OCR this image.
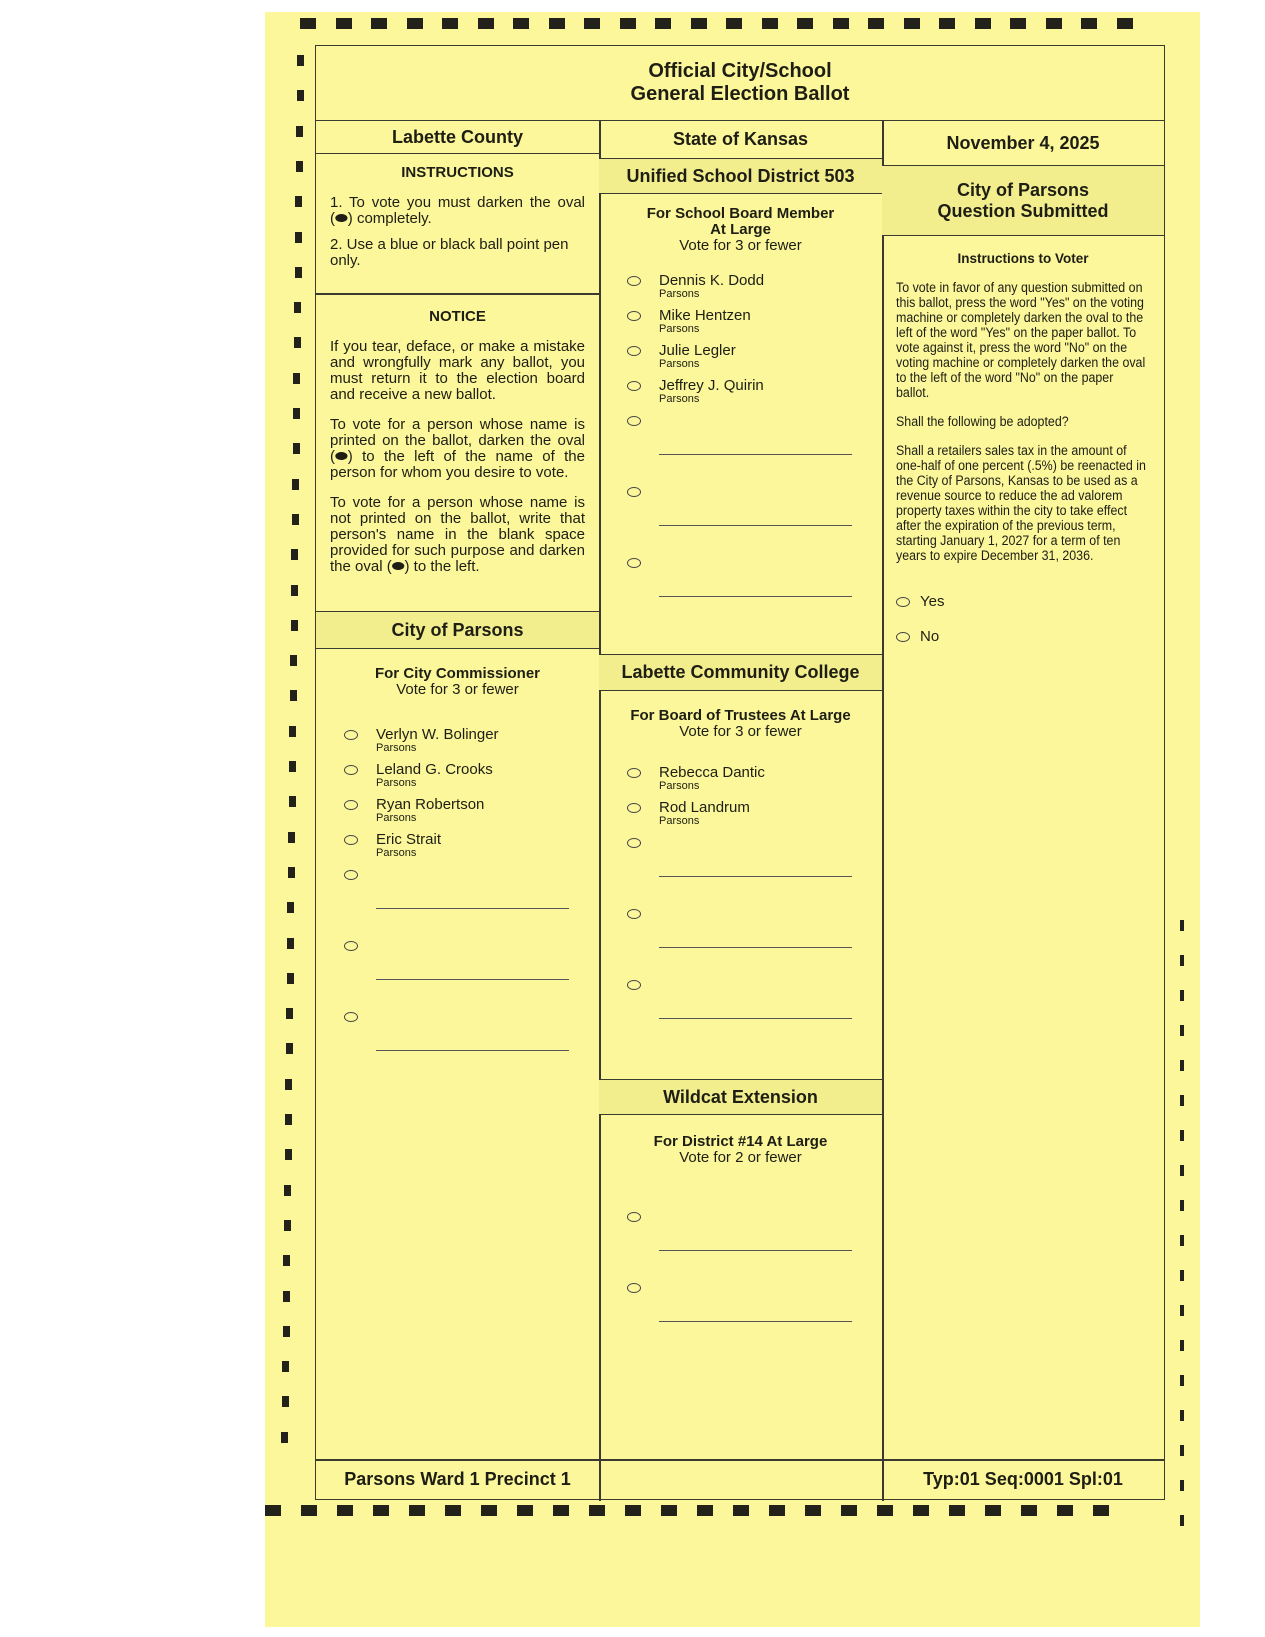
Official City/School
General Election Ballot
Labette County
INSTRUCTIONS

1. To vote you must darken the oval (⬬) completely.

2. Use a blue or black ball point pen only.

NOTICE

If you tear, deface, or make a mistake and wrongfully mark any ballot, you must return it to the election board and receive a new ballot.

To vote for a person whose name is printed on the ballot, darken the oval (⬬) to the left of the name of the person for whom you desire to vote.

To vote for a person whose name is not printed on the ballot, write that person's name in the blank space provided for such purpose and darken the oval (⬬) to the left.

City of Parsons
For City Commissioner
Vote for 3 or fewer
Verlyn W. Bolinger
Parsons
Leland G. Crooks
Parsons
Ryan Robertson
Parsons
Eric Strait
Parsons
Parsons Ward 1 Precinct 1
State of Kansas
Unified School District 503
For School Board Member
At Large
Vote for 3 or fewer
Dennis K. Dodd
Parsons
Mike Hentzen
Parsons
Julie Legler
Parsons
Jeffrey J. Quirin
Parsons
Labette Community College
For Board of Trustees At Large
Vote for 3 or fewer
Rebecca Dantic
Parsons
Rod Landrum
Parsons
Wildcat Extension
For District #14 At Large
Vote for 2 or fewer
November 4, 2025
City of Parsons
Question Submitted
Instructions to Voter

To vote in favor of any question submitted on this ballot, press the word "Yes" on the voting machine or completely darken the oval to the left of the word "Yes" on the paper ballot. To vote against it, press the word "No" on the voting machine or completely darken the oval to the left of the word "No" on the paper ballot.

Shall the following be adopted?

Shall a retailers sales tax in the amount of one-half of one percent (.5%) be reenacted in the City of Parsons, Kansas to be used as a revenue source to reduce the ad valorem property taxes within the city to take effect after the expiration of the previous term, starting January 1, 2027 for a term of ten years to expire December 31, 2036.

Yes
No
Typ:01 Seq:0001 Spl:01
